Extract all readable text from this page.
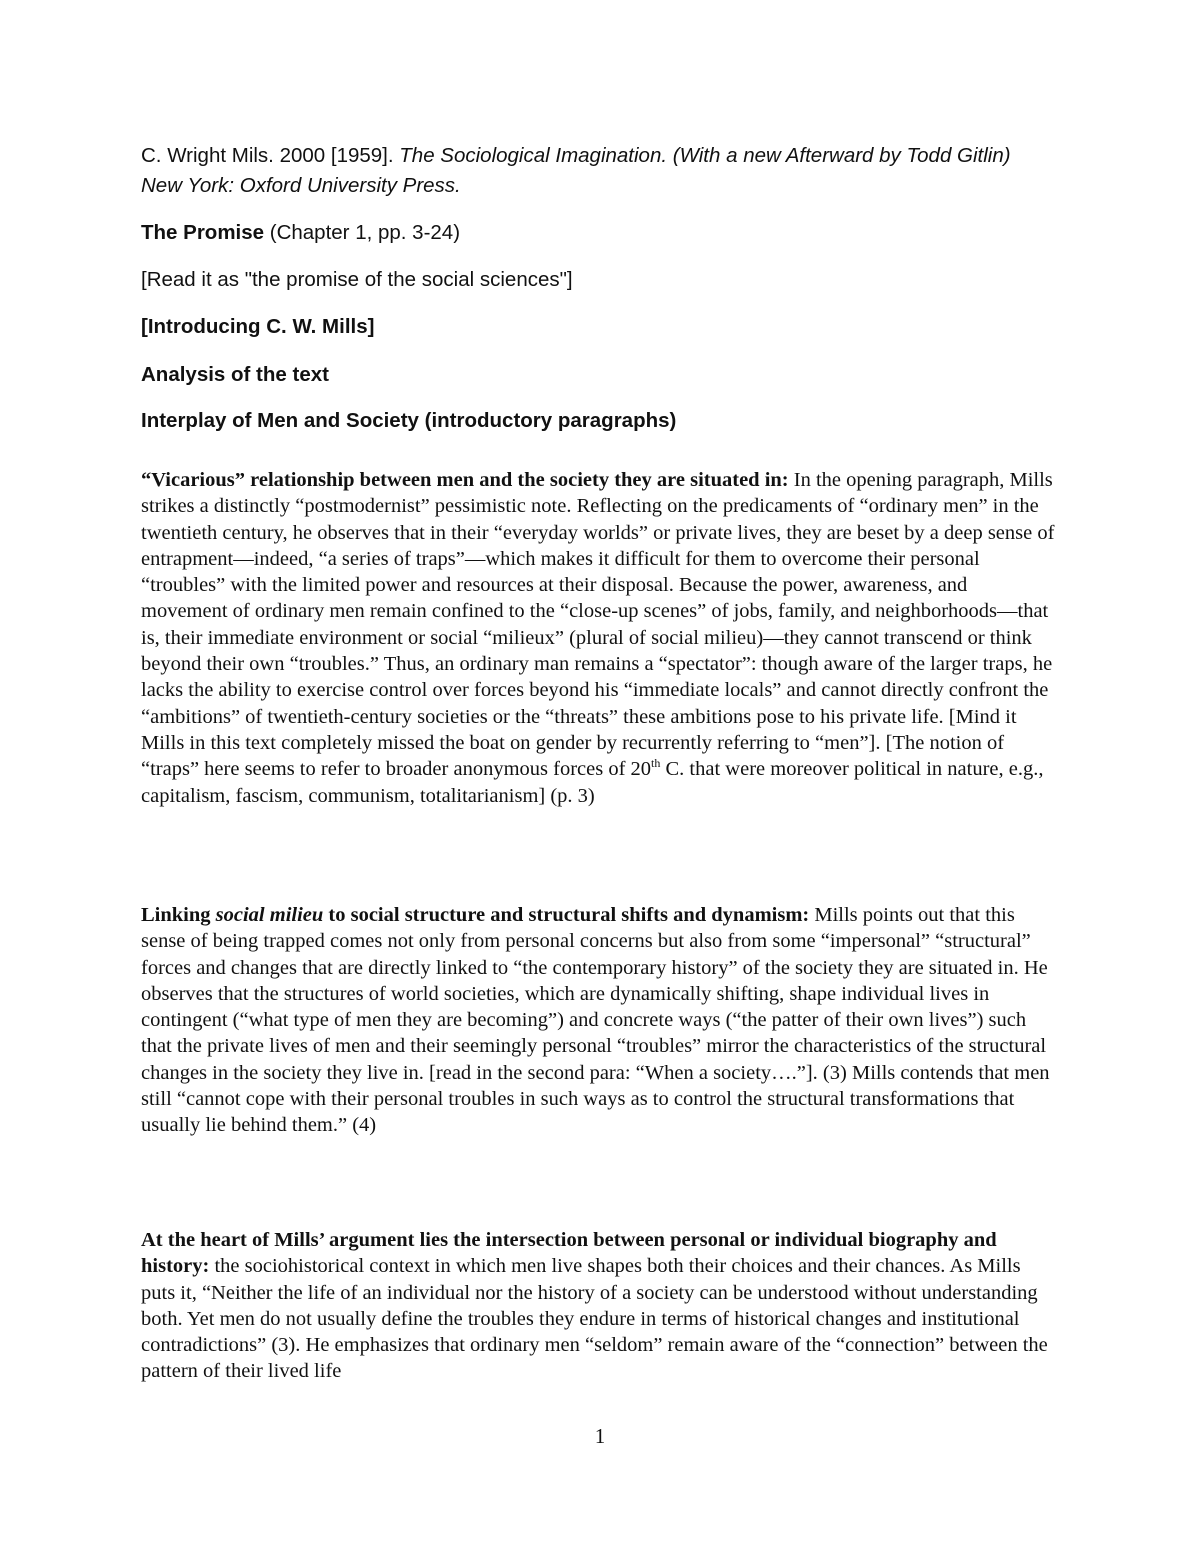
C. Wright Mils. 2000 [1959]. The Sociological Imagination. (With a new Afterward by Todd Gitlin) New York: Oxford University Press.

The Promise (Chapter 1, pp. 3-24)

[Read it as "the promise of the social sciences"]

[Introducing C. W. Mills]

Analysis of the text

Interplay of Men and Society (introductory paragraphs)

“Vicarious” relationship between men and the society they are situated in: In the opening paragraph, Mills strikes a distinctly “postmodernist” pessimistic note. Reflecting on the predicaments of “ordinary men” in the twentieth century, he observes that in their “everyday worlds” or private lives, they are beset by a deep sense of entrapment—indeed, “a series of traps”—which makes it difficult for them to overcome their personal “troubles” with the limited power and resources at their disposal. Because the power, awareness, and movement of ordinary men remain confined to the “close-up scenes” of jobs, family, and neighborhoods—that is, their immediate environment or social “milieux” (plural of social milieu)—they cannot transcend or think beyond their own “troubles.” Thus, an ordinary man remains a “spectator”: though aware of the larger traps, he lacks the ability to exercise control over forces beyond his “immediate locals” and cannot directly confront the “ambitions” of twentieth-century societies or the “threats” these ambitions pose to his private life. [Mind it Mills in this text completely missed the boat on gender by recurrently referring to “men”]. [The notion of “traps” here seems to refer to broader anonymous forces of 20th C. that were moreover political in nature, e.g., capitalism, fascism, communism, totalitarianism] (p. 3)

Linking social milieu to social structure and structural shifts and dynamism: Mills points out that this sense of being trapped comes not only from personal concerns but also from some “impersonal” “structural” forces and changes that are directly linked to “the contemporary history” of the society they are situated in. He observes that the structures of world societies, which are dynamically shifting, shape individual lives in contingent (“what type of men they are becoming”) and concrete ways (“the patter of their own lives”) such that the private lives of men and their seemingly personal “troubles” mirror the characteristics of the structural changes in the society they live in. [read in the second para: “When a society….”]. (3) Mills contends that men still “cannot cope with their personal troubles in such ways as to control the structural transformations that usually lie behind them.” (4)

At the heart of Mills’ argument lies the intersection between personal or individual biography and history: the sociohistorical context in which men live shapes both their choices and their chances. As Mills puts it, “Neither the life of an individual nor the history of a society can be understood without understanding both. Yet men do not usually define the troubles they endure in terms of historical changes and institutional contradictions” (3). He emphasizes that ordinary men “seldom” remain aware of the “connection” between the pattern of their lived life

1
